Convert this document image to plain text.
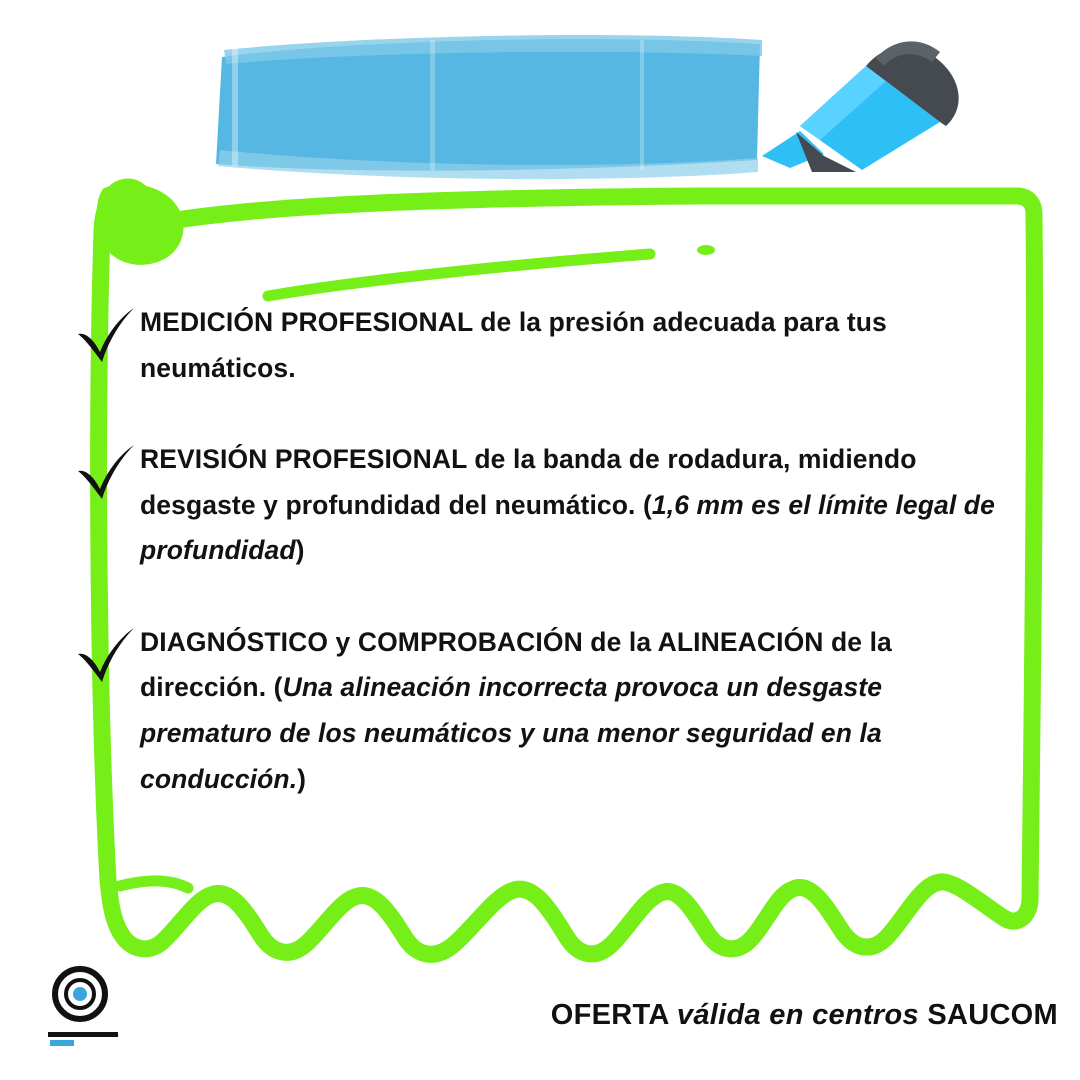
MEDICIÓN PROFESIONAL de la presión adecuada para tus neumáticos.
REVISIÓN PROFESIONAL de la banda de rodadura, midiendo desgaste y profundidad del neumático. (1,6 mm es el límite legal de profundidad)
DIAGNÓSTICO y COMPROBACIÓN de la ALINEACIÓN de la dirección. (Una alineación incorrecta provoca un desgaste prematuro de los neumáticos y una menor seguridad en la conducción.)
OFERTA válida en centros SAUCOM
